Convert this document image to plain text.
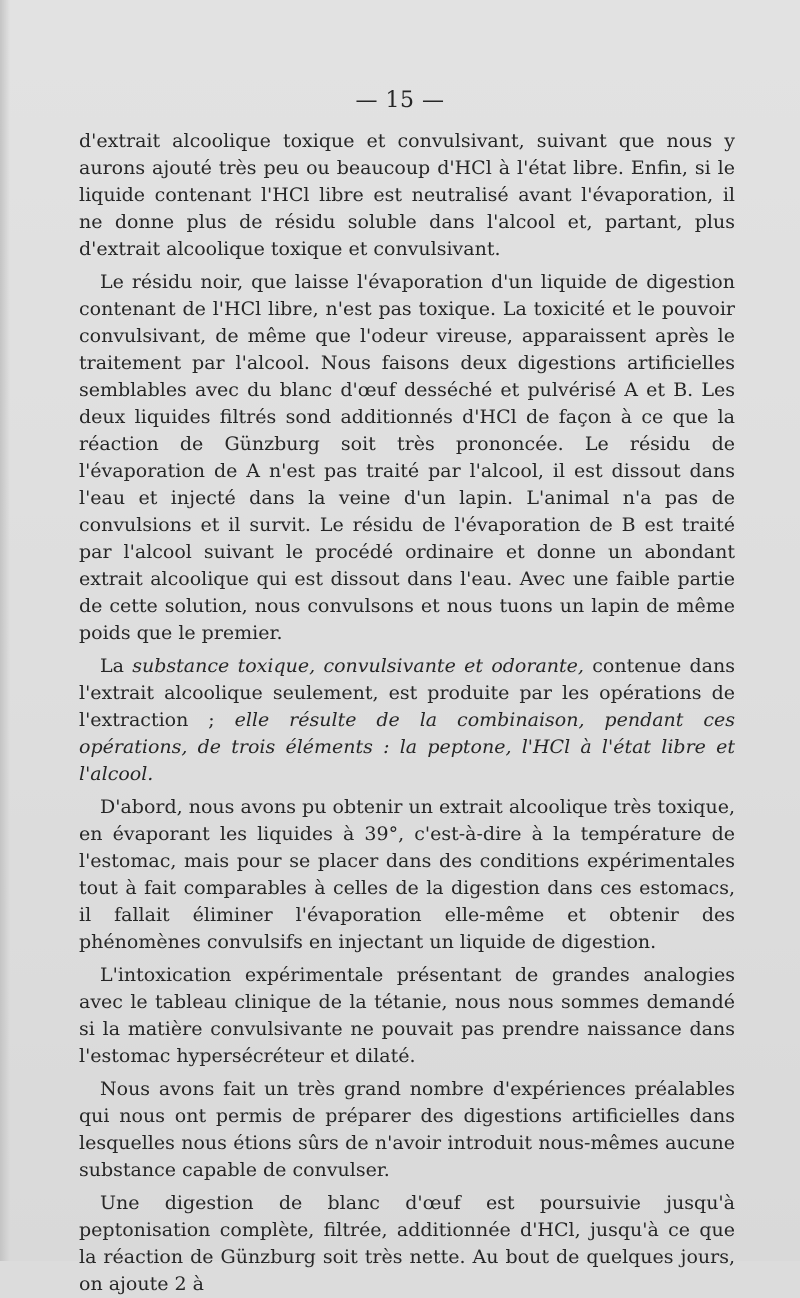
— 15 —

d'extrait alcoolique toxique et convulsivant, suivant que nous y aurons ajouté très peu ou beaucoup d'HCl à l'état libre. Enfin, si le liquide contenant l'HCl libre est neutralisé avant l'évaporation, il ne donne plus de résidu soluble dans l'alcool et, partant, plus d'extrait alcoolique toxique et convulsivant.

Le résidu noir, que laisse l'évaporation d'un liquide de digestion contenant de l'HCl libre, n'est pas toxique. La toxicité et le pouvoir convulsivant, de même que l'odeur vireuse, apparaissent après le traitement par l'alcool. Nous faisons deux digestions artificielles semblables avec du blanc d'œuf desséché et pulvérisé A et B. Les deux liquides filtrés sond additionnés d'HCl de façon à ce que la réaction de Günzburg soit très prononcée. Le résidu de l'évaporation de A n'est pas traité par l'alcool, il est dissout dans l'eau et injecté dans la veine d'un lapin. L'animal n'a pas de convulsions et il survit. Le résidu de l'évaporation de B est traité par l'alcool suivant le procédé ordinaire et donne un abondant extrait alcoolique qui est dissout dans l'eau. Avec une faible partie de cette solution, nous convulsons et nous tuons un lapin de même poids que le premier.

La substance toxique, convulsivante et odorante, contenue dans l'extrait alcoolique seulement, est produite par les opérations de l'extraction ; elle résulte de la combinaison, pendant ces opérations, de trois éléments : la peptone, l'HCl à l'état libre et l'alcool.

D'abord, nous avons pu obtenir un extrait alcoolique très toxique, en évaporant les liquides à 39°, c'est-à-dire à la température de l'estomac, mais pour se placer dans des conditions expérimentales tout à fait comparables à celles de la digestion dans ces estomacs, il fallait éliminer l'évaporation elle-même et obtenir des phénomènes convulsifs en injectant un liquide de digestion.

L'intoxication expérimentale présentant de grandes analogies avec le tableau clinique de la tétanie, nous nous sommes demandé si la matière convulsivante ne pouvait pas prendre naissance dans l'estomac hypersécréteur et dilaté.

Nous avons fait un très grand nombre d'expériences préalables qui nous ont permis de préparer des digestions artificielles dans lesquelles nous étions sûrs de n'avoir introduit nous-mêmes aucune substance capable de convulser.

Une digestion de blanc d'œuf est poursuivie jusqu'à peptonisation complète, filtrée, additionnée d'HCl, jusqu'à ce que la réaction de Günzburg soit très nette. Au bout de quelques jours, on ajoute 2 à
